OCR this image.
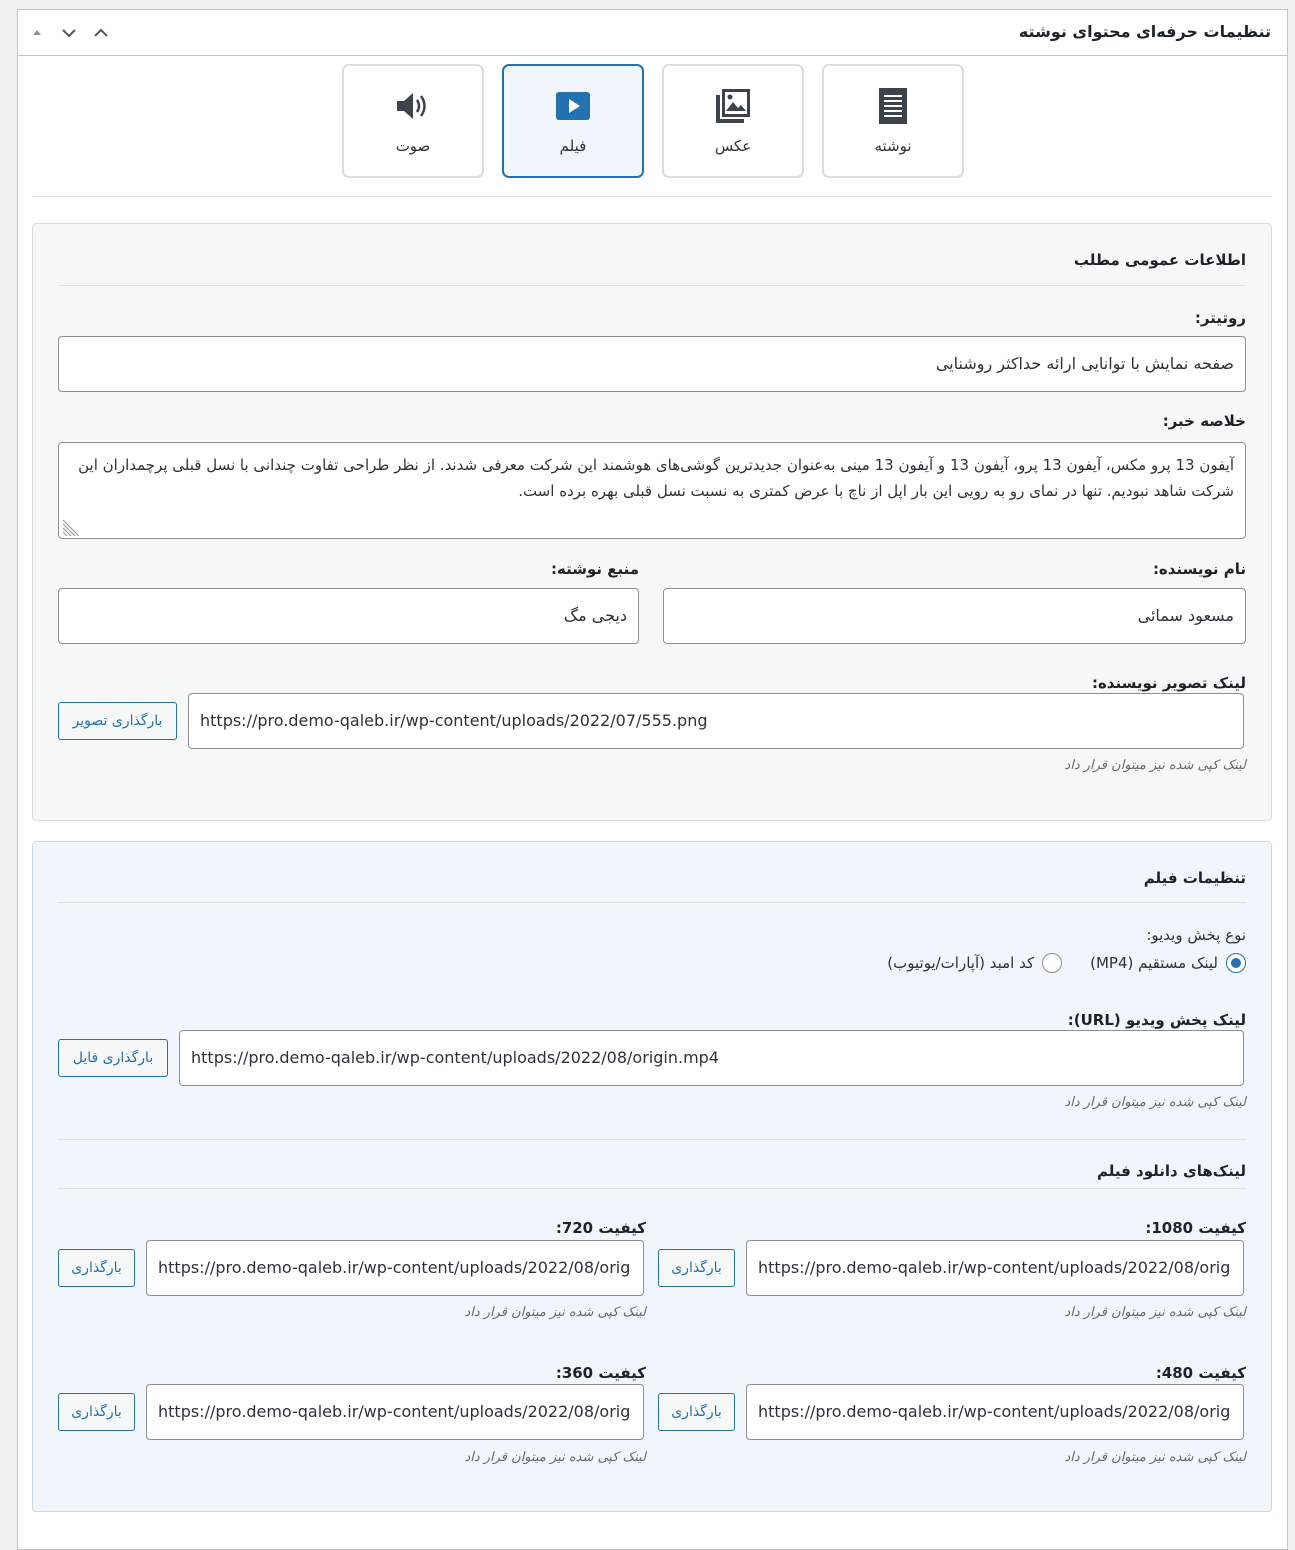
تنظیمات حرفه‌ای محتوای نوشته
نوشته
عکس
فیلم
صوت
اطلاعات عمومی مطلب
روتیتر:
صفحه نمایش با توانایی ارائه حداکثر روشنایی
خلاصه خبر:
آیفون 13 پرو مکس، آیفون 13 پرو، آیفون 13 و آیفون 13 مینی به‌عنوان جدیدترین گوشی‌های هوشمند این شرکت معرفی شدند. از نظر طراحی تفاوت چندانی با نسل قبلی پرچمداران این شرکت شاهد نبودیم. تنها در نمای رو به رویی این بار اپل از ناچ با عرض کمتری به نسبت نسل قبلی بهره برده است.
نام نویسنده:
مسعود سمائی
منبع نوشته:
دیجی مگ
لینک تصویر نویسنده:
https://pro.demo-qaleb.ir/wp-content/uploads/2022/07/555.png
بارگذاری تصویر
لینک کپی شده نیز میتوان قرار داد
تنظیمات فیلم
نوع پخش ویدیو:
لینک مستقیم (MP4)
کد امبد (آپارات/یوتیوب)
لینک پخش ویدیو (URL):
https://pro.demo-qaleb.ir/wp-content/uploads/2022/08/origin.mp4
بارگذاری فایل
لینک کپی شده نیز میتوان قرار داد
لینک‌های دانلود فیلم
کیفیت 1080:
https://pro.demo-qaleb.ir/wp-content/uploads/2022/08/orig
بارگذاری
لینک کپی شده نیز میتوان قرار داد
کیفیت 720:
https://pro.demo-qaleb.ir/wp-content/uploads/2022/08/orig
بارگذاری
لینک کپی شده نیز میتوان قرار داد
کیفیت 480:
https://pro.demo-qaleb.ir/wp-content/uploads/2022/08/orig
بارگذاری
لینک کپی شده نیز میتوان قرار داد
کیفیت 360:
https://pro.demo-qaleb.ir/wp-content/uploads/2022/08/orig
بارگذاری
لینک کپی شده نیز میتوان قرار داد
